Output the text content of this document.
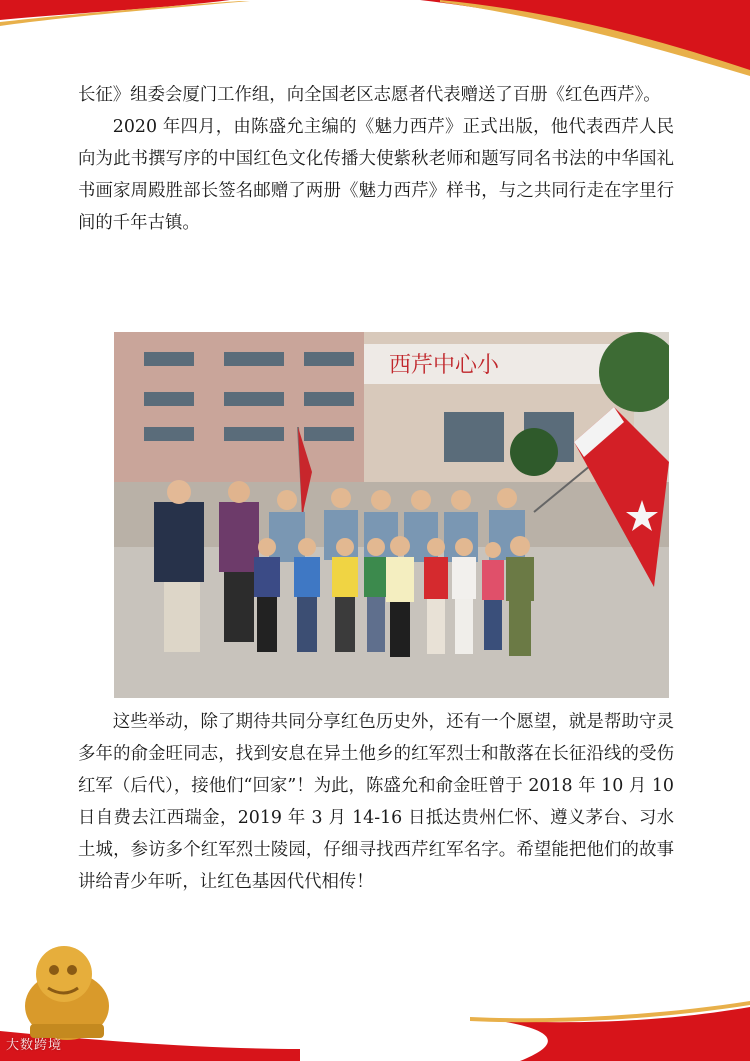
长征》组委会厦门工作组，向全国老区志愿者代表赠送了百册《红色西芹》。

2020 年四月，由陈盛允主编的《魅力西芹》正式出版，他代表西芹人民向为此书撰写序的中国红色文化传播大使紫秋老师和题写同名书法的中华国礼书画家周殿胜部长签名邮赠了两册《魅力西芹》样书，与之共同行走在字里行间的千年古镇。

西芹中心小

这些举动，除了期待共同分享红色历史外，还有一个愿望，就是帮助守灵多年的俞金旺同志，找到安息在异土他乡的红军烈士和散落在长征沿线的受伤红军（后代），接他们“回家”！为此，陈盛允和俞金旺曾于 2018 年 10 月 10 日自费去江西瑞金，2019 年 3 月 14-16 日抵达贵州仁怀、遵义茅台、习水土城，参访多个红军烈士陵园，仔细寻找西芹红军名字。希望能把他们的故事讲给青少年听，让红色基因代代相传！

大数跨境
